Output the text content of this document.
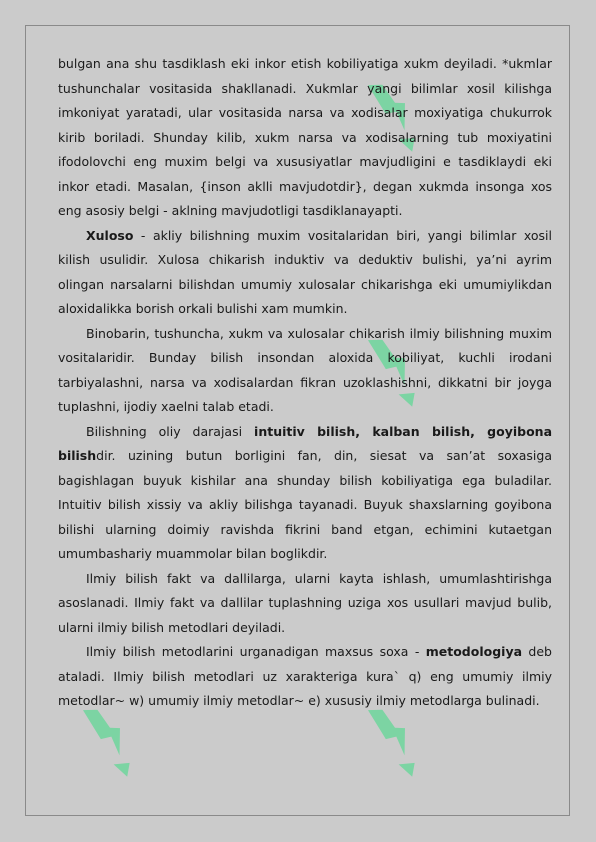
bulgan ana shu tasdiklash eki inkor etish kobiliyatiga xukm deyiladi. *ukmlar tushunchalar vositasida shakllanadi. Xukmlar yangi bilimlar xosil kilishga imkoniyat yaratadi, ular vositasida narsa va xodisalar moxiyatiga chukurrok kirib boriladi. Shunday kilib, xukm narsa va xodisalarning tub moxiyatini ifodolovchi eng muxim belgi va xususiyatlar mavjudligini e tasdiklaydi eki inkor etadi. Masalan, {inson aklli mavjudotdir}, degan xukmda insonga xos eng asosiy belgi - aklning mavjudotligi tasdiklanayapti.

Xuloso - akliy bilishning muxim vositalaridan biri, yangi bilimlar xosil kilish usulidir. Xulosa chikarish induktiv va deduktiv bulishi, ya’ni ayrim olingan narsalarni bilishdan umumiy xulosalar chikarishga eki umumiylikdan aloxidalikka borish orkali bulishi xam mumkin.

Binobarin, tushuncha, xukm va xulosalar chikarish ilmiy bilishning muxim vositalaridir. Bunday bilish insondan aloxida kobiliyat, kuchli irodani tarbiyalashni, narsa va xodisalardan fikran uzoklashishni, dikkatni bir joyga tuplashni, ijodiy xaelni talab etadi.

Bilishning oliy darajasi intuitiv bilish, kalban bilish, goyibona bilishdir. uzining butun borligini fan, din, siesat va san’at soxasiga bagishlagan buyuk kishilar ana shunday bilish kobiliyatiga ega buladilar. Intuitiv bilish xissiy va akliy bilishga tayanadi. Buyuk shaxslarning goyibona bilishi ularning doimiy ravishda fikrini band etgan, echimini kutaetgan umumbashariy muammolar bilan boglikdir.

Ilmiy bilish fakt va dallilarga, ularni kayta ishlash, umumlashtirishga asoslanadi. Ilmiy fakt va dallilar tuplashning uziga xos usullari mavjud bulib, ularni ilmiy bilish metodlari deyiladi.

Ilmiy bilish metodlarini urganadigan maxsus soxa - metodologiya deb ataladi. Ilmiy bilish metodlari uz xarakteriga kura` q) eng umumiy ilmiy metodlar~ w) umumiy ilmiy metodlar~ e) xususiy ilmiy metodlarga bulinadi.
